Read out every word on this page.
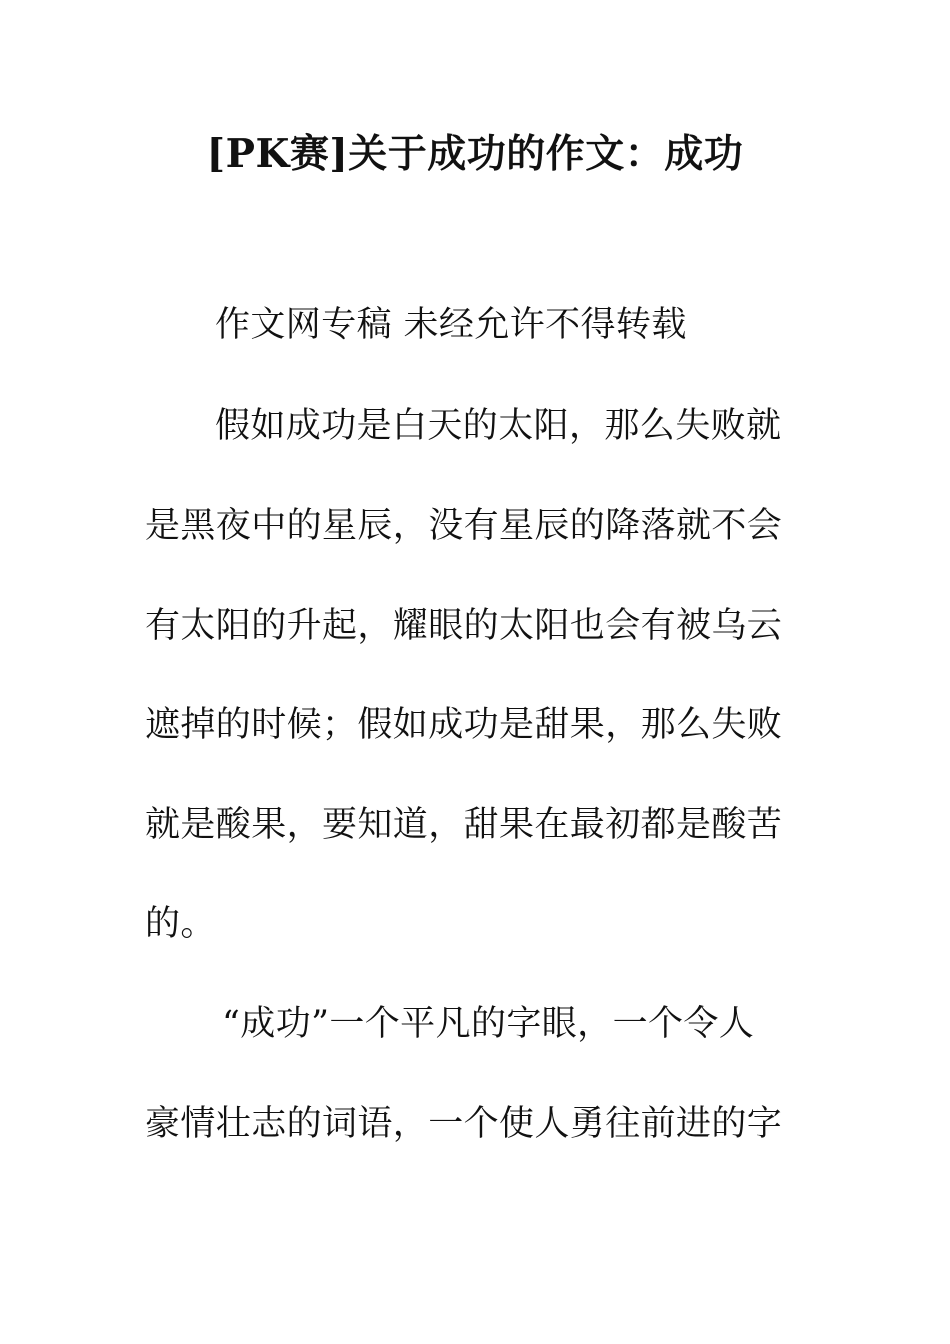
[PK赛]关于成功的作文：成功
作文网专稿 未经允许不得转载
假如成功是白天的太阳，那么失败就
是黑夜中的星辰，没有星辰的降落就不会
有太阳的升起，耀眼的太阳也会有被乌云
遮掉的时候；假如成功是甜果，那么失败
就是酸果，要知道，甜果在最初都是酸苦
的。
“成功”一个平凡的字眼，一个令人
豪情壮志的词语，一个使人勇往前进的字
